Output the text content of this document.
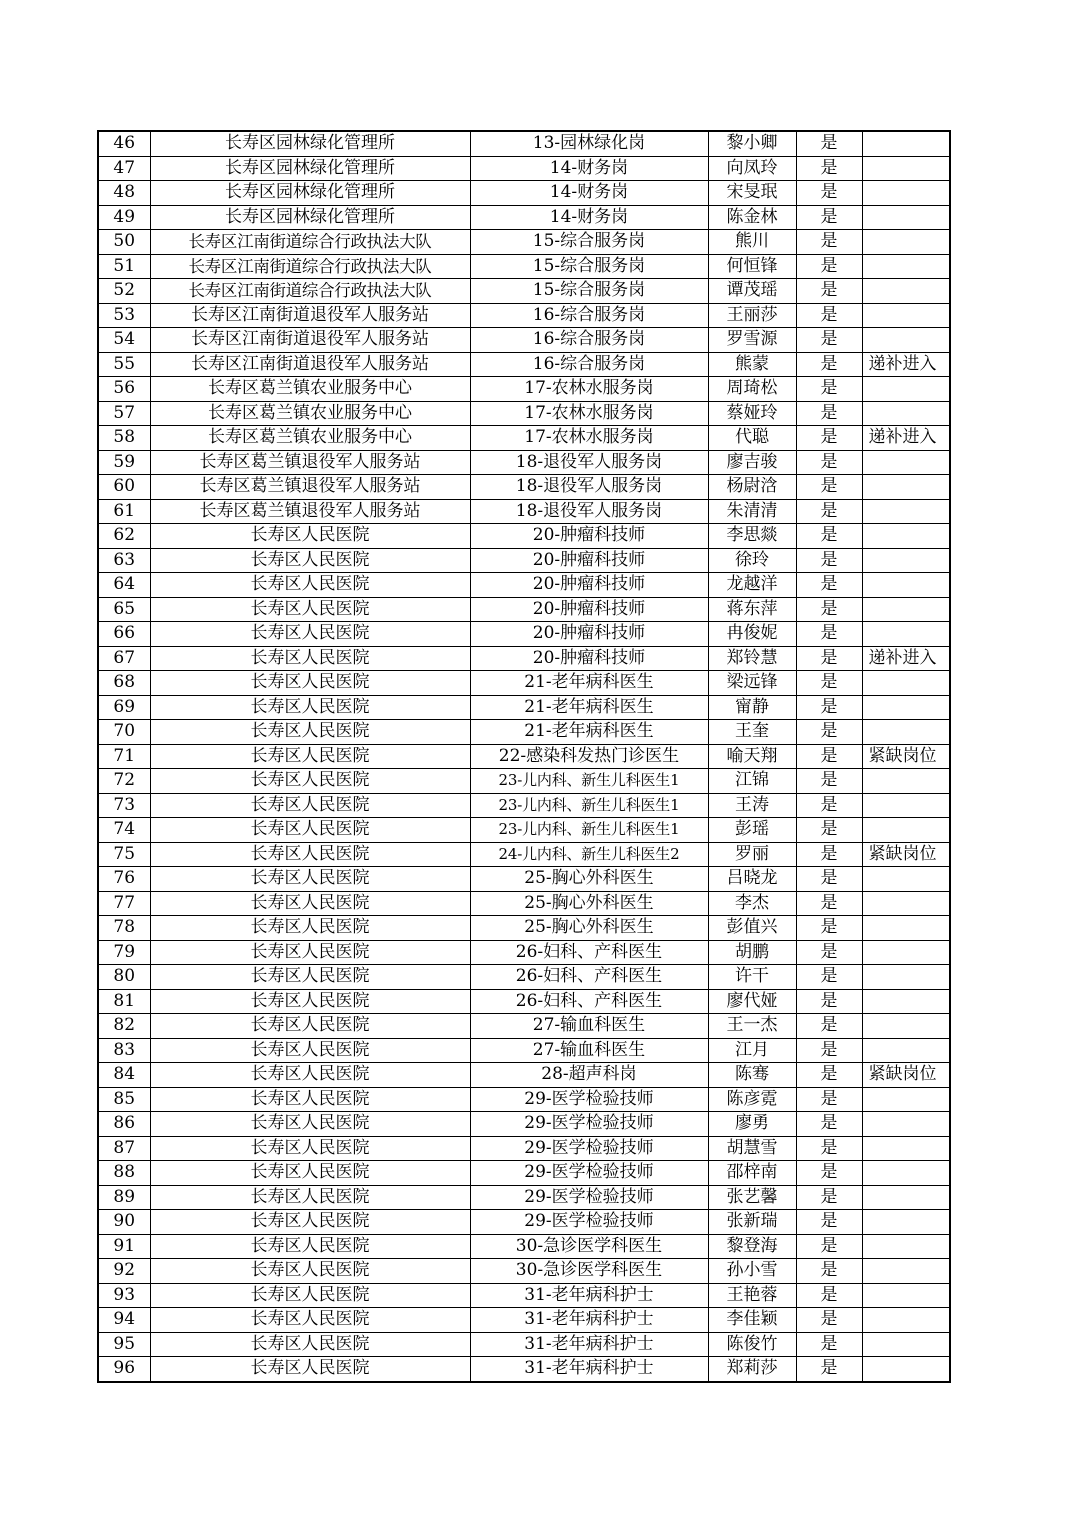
46	长寿区园林绿化管理所	13-园林绿化岗	黎小卿	是	
47	长寿区园林绿化管理所	14-财务岗	向凤玲	是	
48	长寿区园林绿化管理所	14-财务岗	宋旻珉	是	
49	长寿区园林绿化管理所	14-财务岗	陈金林	是	
50	长寿区江南街道综合行政执法大队	15-综合服务岗	熊川	是	
51	长寿区江南街道综合行政执法大队	15-综合服务岗	何恒锋	是	
52	长寿区江南街道综合行政执法大队	15-综合服务岗	谭茂瑶	是	
53	长寿区江南街道退役军人服务站	16-综合服务岗	王丽莎	是	
54	长寿区江南街道退役军人服务站	16-综合服务岗	罗雪源	是	
55	长寿区江南街道退役军人服务站	16-综合服务岗	熊蒙	是	递补进入
56	长寿区葛兰镇农业服务中心	17-农林水服务岗	周琦松	是	
57	长寿区葛兰镇农业服务中心	17-农林水服务岗	蔡娅玲	是	
58	长寿区葛兰镇农业服务中心	17-农林水服务岗	代聪	是	递补进入
59	长寿区葛兰镇退役军人服务站	18-退役军人服务岗	廖吉骏	是	
60	长寿区葛兰镇退役军人服务站	18-退役军人服务岗	杨尉浛	是	
61	长寿区葛兰镇退役军人服务站	18-退役军人服务岗	朱清清	是	
62	长寿区人民医院	20-肿瘤科技师	李思燚	是	
63	长寿区人民医院	20-肿瘤科技师	徐玲	是	
64	长寿区人民医院	20-肿瘤科技师	龙越洋	是	
65	长寿区人民医院	20-肿瘤科技师	蒋东萍	是	
66	长寿区人民医院	20-肿瘤科技师	冉俊妮	是	
67	长寿区人民医院	20-肿瘤科技师	郑铃慧	是	递补进入
68	长寿区人民医院	21-老年病科医生	梁远锋	是	
69	长寿区人民医院	21-老年病科医生	甯静	是	
70	长寿区人民医院	21-老年病科医生	王奎	是	
71	长寿区人民医院	22-感染科发热门诊医生	喻天翔	是	紧缺岗位
72	长寿区人民医院	23-儿内科、新生儿科医生1	江锦	是	
73	长寿区人民医院	23-儿内科、新生儿科医生1	王涛	是	
74	长寿区人民医院	23-儿内科、新生儿科医生1	彭瑶	是	
75	长寿区人民医院	24-儿内科、新生儿科医生2	罗丽	是	紧缺岗位
76	长寿区人民医院	25-胸心外科医生	吕晓龙	是	
77	长寿区人民医院	25-胸心外科医生	李杰	是	
78	长寿区人民医院	25-胸心外科医生	彭值兴	是	
79	长寿区人民医院	26-妇科、产科医生	胡鹏	是	
80	长寿区人民医院	26-妇科、产科医生	许干	是	
81	长寿区人民医院	26-妇科、产科医生	廖代娅	是	
82	长寿区人民医院	27-输血科医生	王一杰	是	
83	长寿区人民医院	27-输血科医生	江月	是	
84	长寿区人民医院	28-超声科岗	陈骞	是	紧缺岗位
85	长寿区人民医院	29-医学检验技师	陈彦霓	是	
86	长寿区人民医院	29-医学检验技师	廖勇	是	
87	长寿区人民医院	29-医学检验技师	胡慧雪	是	
88	长寿区人民医院	29-医学检验技师	邵梓南	是	
89	长寿区人民医院	29-医学检验技师	张艺馨	是	
90	长寿区人民医院	29-医学检验技师	张新瑞	是	
91	长寿区人民医院	30-急诊医学科医生	黎登海	是	
92	长寿区人民医院	30-急诊医学科医生	孙小雪	是	
93	长寿区人民医院	31-老年病科护士	王艳蓉	是	
94	长寿区人民医院	31-老年病科护士	李佳颖	是	
95	长寿区人民医院	31-老年病科护士	陈俊竹	是	
96	长寿区人民医院	31-老年病科护士	郑莉莎	是	
